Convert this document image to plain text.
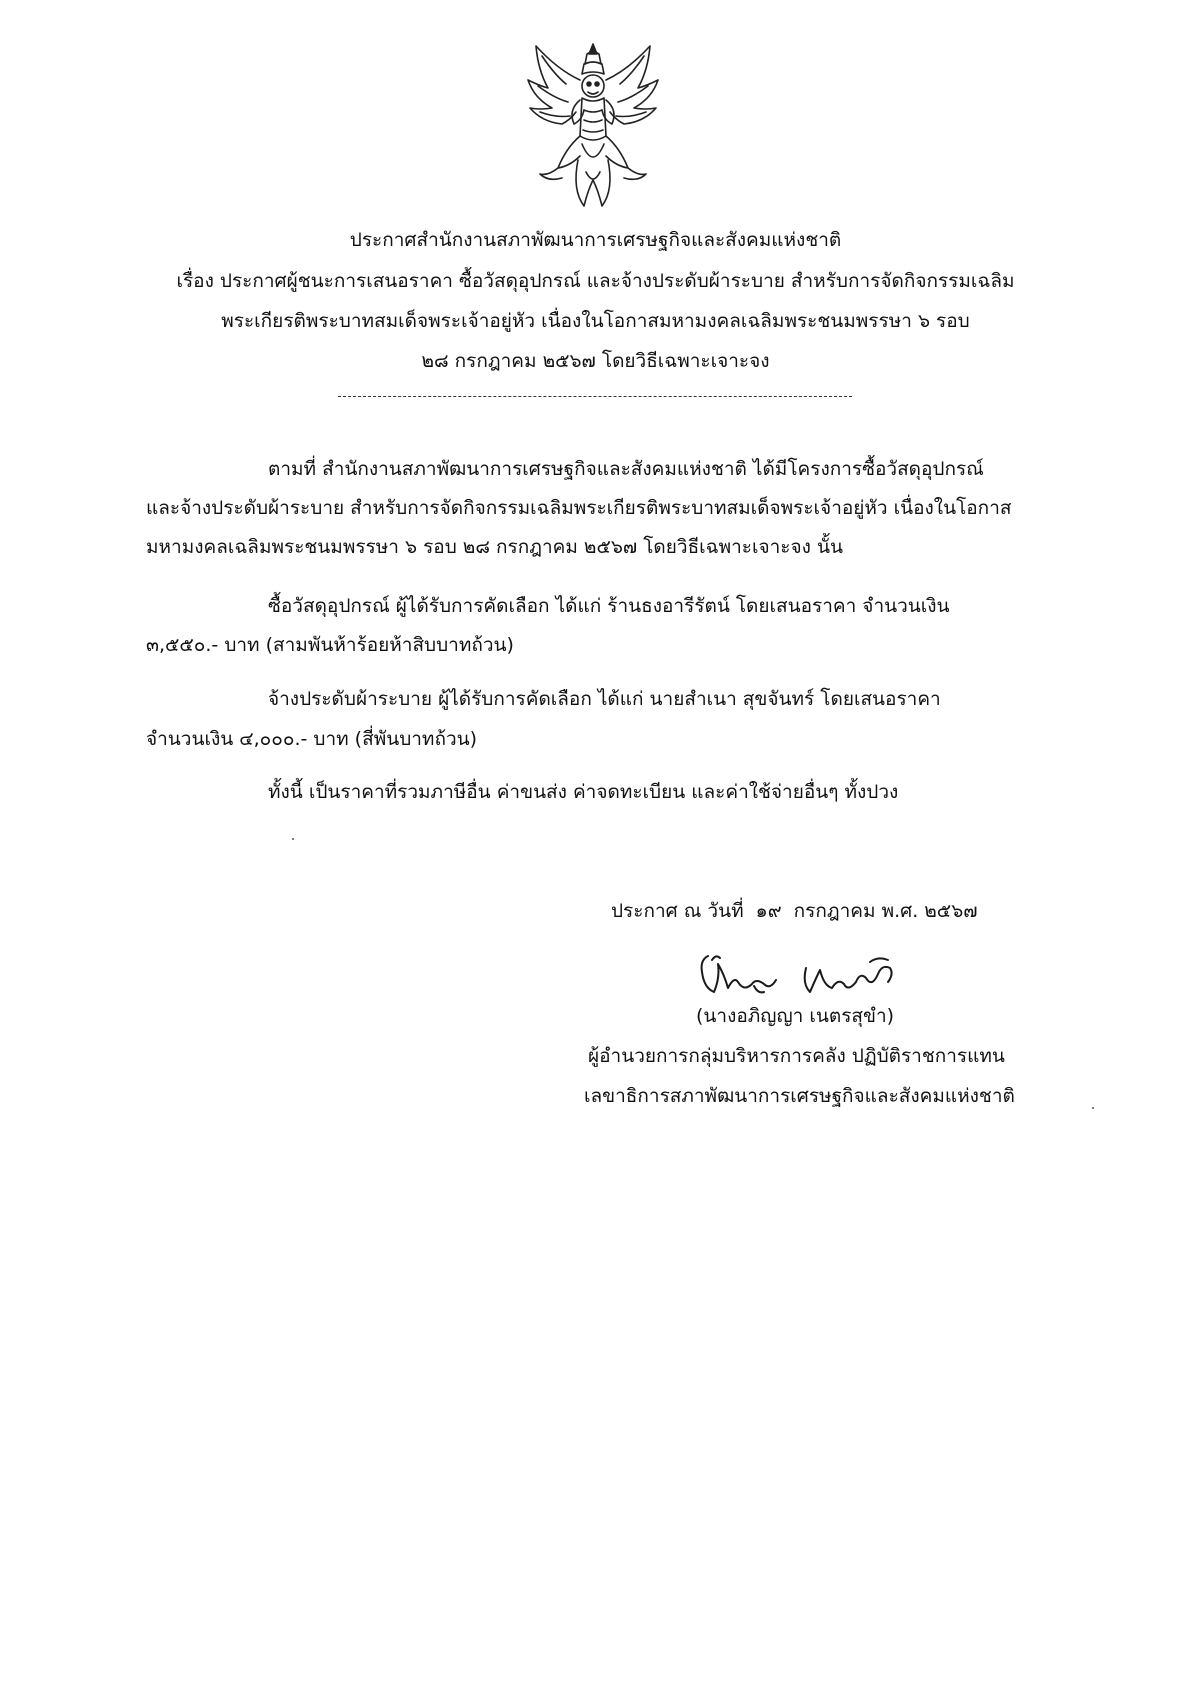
ประกาศสำนักงานสภาพัฒนาการเศรษฐกิจและสังคมแห่งชาติ
เรื่อง ประกาศผู้ชนะการเสนอราคา ซื้อวัสดุอุปกรณ์ และจ้างประดับผ้าระบาย สำหรับการจัดกิจกรรมเฉลิม
พระเกียรติพระบาทสมเด็จพระเจ้าอยู่หัว เนื่องในโอกาสมหามงคลเฉลิมพระชนมพรรษา ๖ รอบ
๒๘ กรกฎาคม ๒๕๖๗ โดยวิธีเฉพาะเจาะจง
ตามที่ สำนักงานสภาพัฒนาการเศรษฐกิจและสังคมแห่งชาติ ได้มีโครงการซื้อวัสดุอุปกรณ์
และจ้างประดับผ้าระบาย สำหรับการจัดกิจกรรมเฉลิมพระเกียรติพระบาทสมเด็จพระเจ้าอยู่หัว เนื่องในโอกาส
มหามงคลเฉลิมพระชนมพรรษา ๖ รอบ ๒๘ กรกฎาคม ๒๕๖๗ โดยวิธีเฉพาะเจาะจง นั้น
ซื้อวัสดุอุปกรณ์ ผู้ได้รับการคัดเลือก ได้แก่ ร้านธงอารีรัตน์ โดยเสนอราคา จำนวนเงิน
๓,๕๕๐.- บาท (สามพันห้าร้อยห้าสิบบาทถ้วน)
จ้างประดับผ้าระบาย ผู้ได้รับการคัดเลือก ได้แก่ นายสำเนา สุขจันทร์ โดยเสนอราคา
จำนวนเงิน ๔,๐๐๐.- บาท (สี่พันบาทถ้วน)
ทั้งนี้ เป็นราคาที่รวมภาษีอื่น ค่าขนส่ง ค่าจดทะเบียน และค่าใช้จ่ายอื่นๆ ทั้งปวง
ประกาศ ณ วันที่ ๑๙ กรกฎาคม พ.ศ. ๒๕๖๗
(นางอภิญญา เนตรสุขำ)
ผู้อำนวยการกลุ่มบริหารการคลัง ปฏิบัติราชการแทน
เลขาธิการสภาพัฒนาการเศรษฐกิจและสังคมแห่งชาติ
